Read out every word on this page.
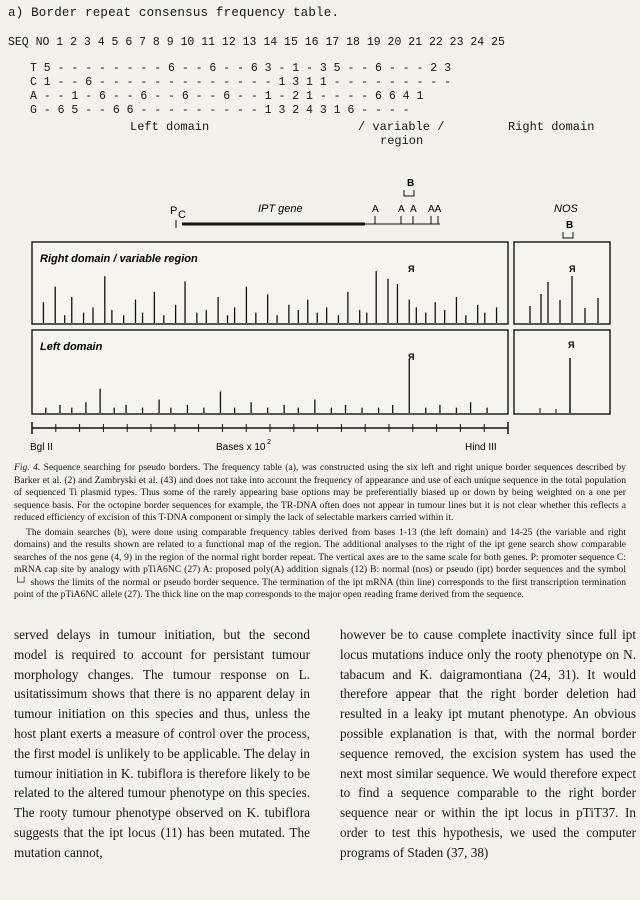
a) Border repeat consensus frequency table.
SEQ NO 1 2 3 4 5 6 7 8 9 10 11 12 13 14 15 16 17 18 19 20 21 22 23 24 25
T 5 - - - - - - - - 6 - - 6 - - 6 3 - 1 - 3 5 - - 6 - - - 2 3
C 1 - - 6 - - - - - - - - - - - - - 1 3 1 1 - - - - - - - - -
A - - 1 - 6 - - 6 - - 6 - - 6 - - 1 - 2 1 - - - - 6 6 4 1
G - 6 5 - - 6 6 - - - - - - - - - 1 3 2 4 3 1 6 - - - -
Left domain	/ variable /
region
Right domain
P C	IPT gene	A A A AA
B
NOS
B
Right domain / variable region
Left domain
Я
Я
Я
Я
Bgl II	Bases x 10 2	Hind III

Fig. 4. Sequence searching for pseudo borders. The frequency table (a), was constructed using the six left and right unique border sequences described by Barker et al. (2) and Zambryski et al. (43) and does not take into account the frequency of appearance and use of each unique sequence in the total population of sequenced Ti plasmid types. Thus some of the rarely appearing base options may be preferentially biased up or down by being weighted on a one per sequence basis. For the octopine border sequences for example, the TR-DNA often does not appear in tumour lines but it is not clear whether this reflects a reduced efficiency of excision of this T-DNA component or simply the lack of selectable markers carried within it.

The domain searches (b), were done using comparable frequency tables derived from bases 1-13 (the left domain) and 14-25 (the variable and right domains) and the results shown are related to a functional map of the region. The additional analyses to the right of the ipt gene search show comparable searches of the nos gene (4, 9) in the region of the normal right border repeat. The vertical axes are to the same scale for both genes. P: promoter sequence C: mRNA cap site by analogy with pTiA6NC (27) A: proposed poly(A) addition signals (12) B: normal (nos) or pseudo (ipt) border sequences and the symbol └┘ shows the limits of the normal or pseudo border sequence. The termination of the ipt mRNA (thin line) corresponds to the first transcription termination point of the pTiA6NC allele (27). The thick line on the map corresponds to the major open reading frame derived from the sequence.

served delays in tumour initiation, but the second model is required to account for persistant tumour morphology changes. The tumour response on L. usitatissimum shows that there is no apparent delay in tumour initiation on this species and thus, unless the host plant exerts a measure of control over the process, the first model is unlikely to be applicable. The delay in tumour initiation in K. tubiflora is therefore likely to be related to the altered tumour phenotype on this species. The rooty tumour phenotype observed on K. tubiflora suggests that the ipt locus (11) has been mutated. The mutation cannot,
however be to cause complete inactivity since full ipt locus mutations induce only the rooty phenotype on N. tabacum and K. daigramontiana (24, 31). It would therefore appear that the right border deletion had resulted in a leaky ipt mutant phenotype. An obvious possible explanation is that, with the normal border sequence removed, the excision system has used the next most similar sequence. We would therefore expect to find a sequence comparable to the right border sequence near or within the ipt locus in pTiT37. In order to test this hypothesis, we used the computer programs of Staden (37, 38)
